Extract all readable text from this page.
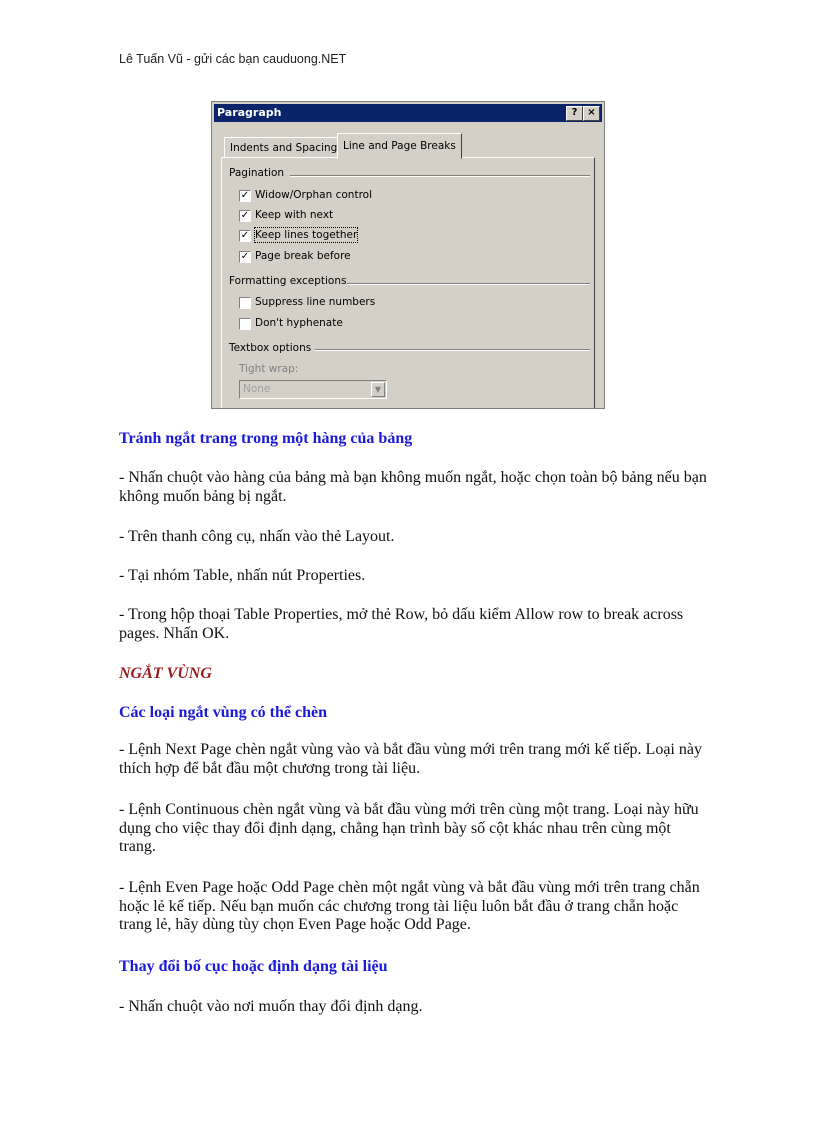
Lê Tuấn Vũ - gửi các bạn cauduong.NET
Paragraph	? ×
Indents and Spacing Line and Page Breaks
Pagination
✓ Widow/Orphan control
✓ Keep with next
✓ Keep lines together
✓ Page break before
Formatting exceptions
Suppress line numbers
Don't hyphenate
Textbox options
Tight wrap:
None	▼
Tránh ngắt trang trong một hàng của bảng
- Nhấn chuột vào hàng của bảng mà bạn không muốn ngắt, hoặc chọn toàn bộ bảng nếu bạn không muốn bảng bị ngắt.
- Trên thanh công cụ, nhấn vào thẻ Layout.
- Tại nhóm Table, nhấn nút Properties.
- Trong hộp thoại Table Properties, mở thẻ Row, bỏ dấu kiểm Allow row to break across pages. Nhấn OK.
NGẮT VÙNG
Các loại ngắt vùng có thể chèn
- Lệnh Next Page chèn ngắt vùng vào và bắt đầu vùng mới trên trang mới kế tiếp. Loại này thích hợp để bắt đầu một chương trong tài liệu.
- Lệnh Continuous chèn ngắt vùng và bắt đầu vùng mới trên cùng một trang. Loại này hữu dụng cho việc thay đổi định dạng, chẳng hạn trình bày số cột khác nhau trên cùng một trang.
- Lệnh Even Page hoặc Odd Page chèn một ngắt vùng và bắt đầu vùng mới trên trang chẵn hoặc lẻ kế tiếp. Nếu bạn muốn các chương trong tài liệu luôn bắt đầu ở trang chẵn hoặc trang lẻ, hãy dùng tùy chọn Even Page hoặc Odd Page.
Thay đổi bố cục hoặc định dạng tài liệu
- Nhấn chuột vào nơi muốn thay đổi định dạng.
